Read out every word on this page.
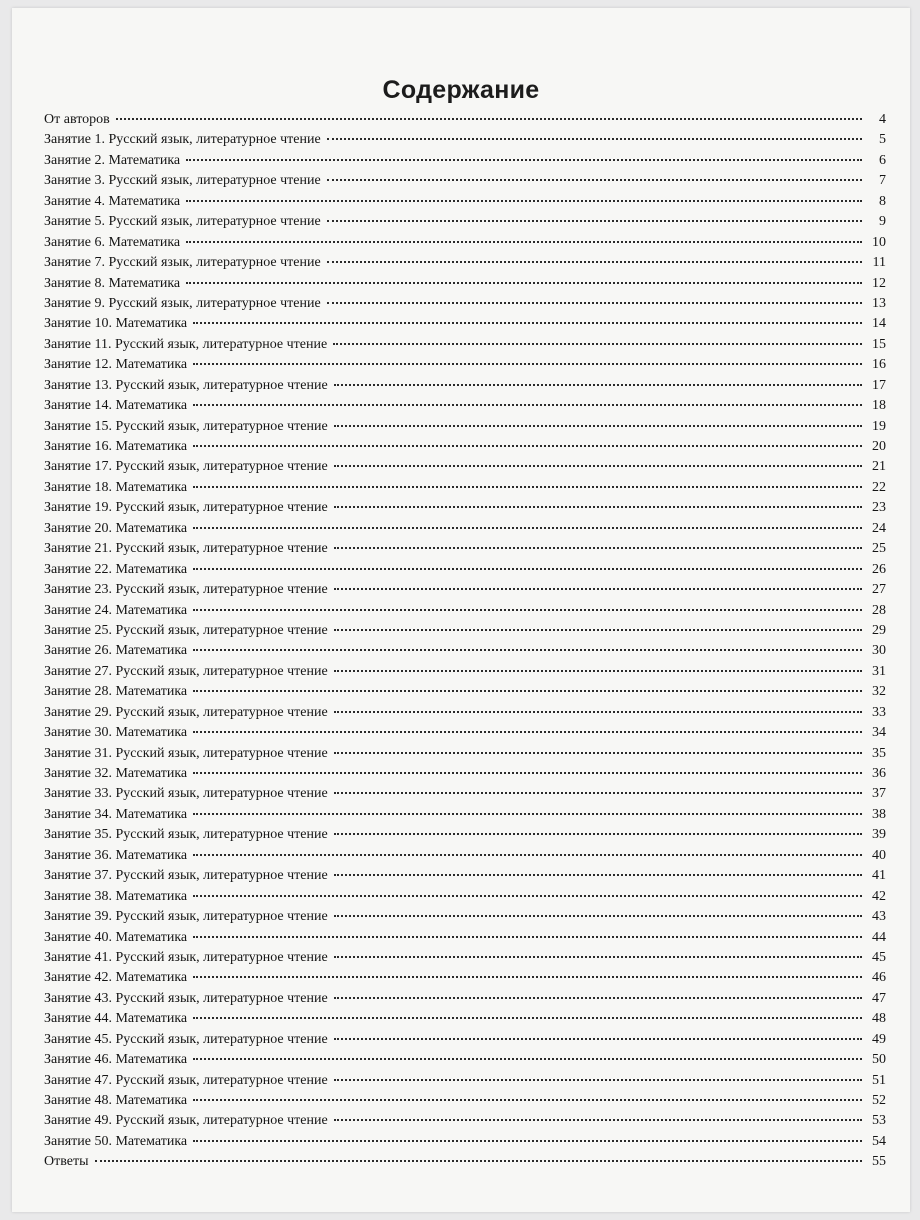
Содержание
От авторов	4
Занятие 1. Русский язык, литературное чтение	5
Занятие 2. Математика	6
Занятие 3. Русский язык, литературное чтение	7
Занятие 4. Математика	8
Занятие 5. Русский язык, литературное чтение	9
Занятие 6. Математика	10
Занятие 7. Русский язык, литературное чтение	11
Занятие 8. Математика	12
Занятие 9. Русский язык, литературное чтение	13
Занятие 10. Математика	14
Занятие 11. Русский язык, литературное чтение	15
Занятие 12. Математика	16
Занятие 13. Русский язык, литературное чтение	17
Занятие 14. Математика	18
Занятие 15. Русский язык, литературное чтение	19
Занятие 16. Математика	20
Занятие 17. Русский язык, литературное чтение	21
Занятие 18. Математика	22
Занятие 19. Русский язык, литературное чтение	23
Занятие 20. Математика	24
Занятие 21. Русский язык, литературное чтение	25
Занятие 22. Математика	26
Занятие 23. Русский язык, литературное чтение	27
Занятие 24. Математика	28
Занятие 25. Русский язык, литературное чтение	29
Занятие 26. Математика	30
Занятие 27. Русский язык, литературное чтение	31
Занятие 28. Математика	32
Занятие 29. Русский язык, литературное чтение	33
Занятие 30. Математика	34
Занятие 31. Русский язык, литературное чтение	35
Занятие 32. Математика	36
Занятие 33. Русский язык, литературное чтение	37
Занятие 34. Математика	38
Занятие 35. Русский язык, литературное чтение	39
Занятие 36. Математика	40
Занятие 37. Русский язык, литературное чтение	41
Занятие 38. Математика	42
Занятие 39. Русский язык, литературное чтение	43
Занятие 40. Математика	44
Занятие 41. Русский язык, литературное чтение	45
Занятие 42. Математика	46
Занятие 43. Русский язык, литературное чтение	47
Занятие 44. Математика	48
Занятие 45. Русский язык, литературное чтение	49
Занятие 46. Математика	50
Занятие 47. Русский язык, литературное чтение	51
Занятие 48. Математика	52
Занятие 49. Русский язык, литературное чтение	53
Занятие 50. Математика	54
Ответы	55
